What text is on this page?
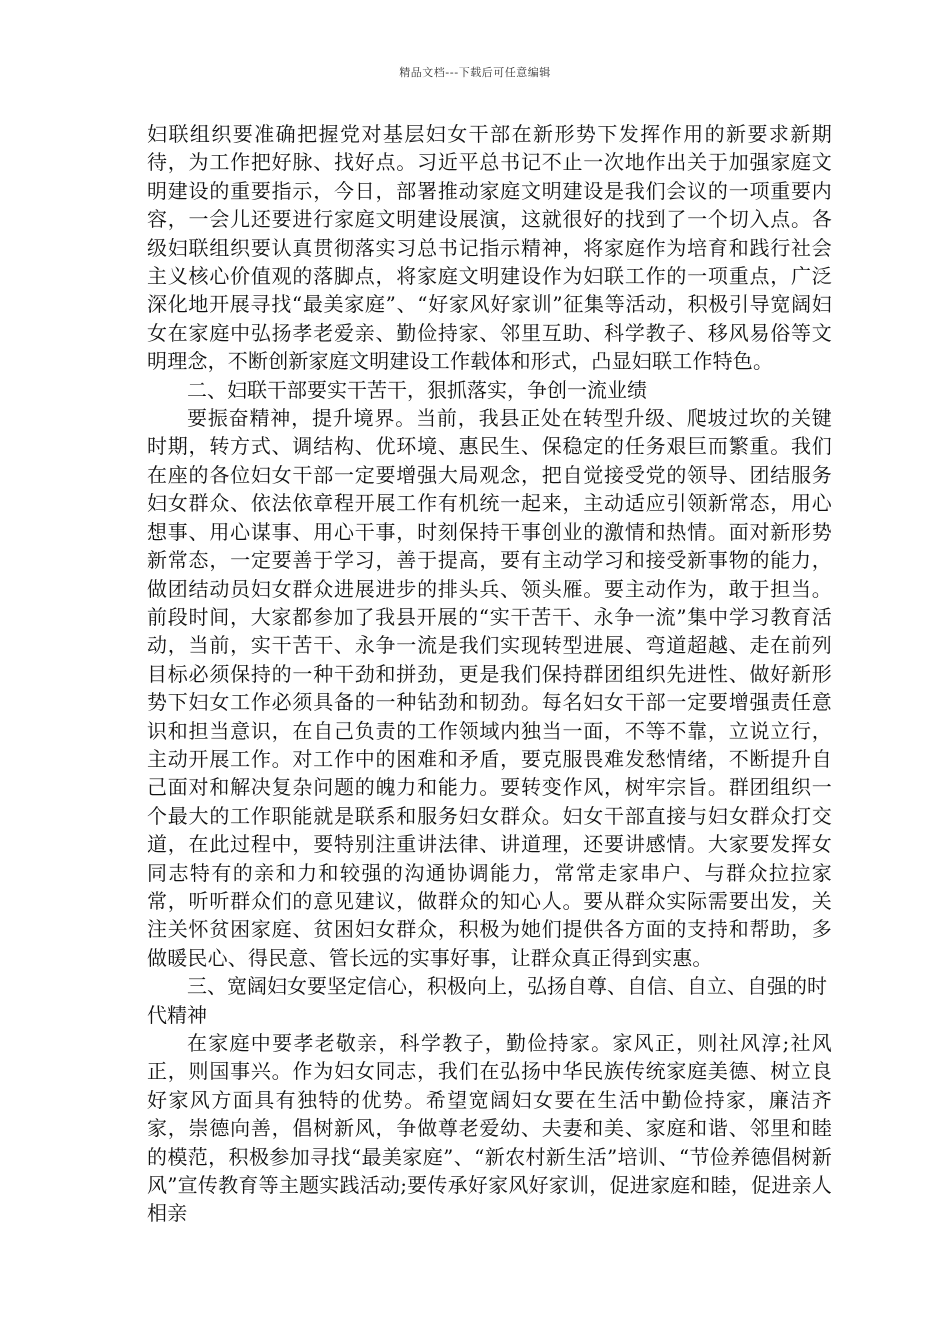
精品文档---下载后可任意编辑

妇联组织要准确把握党对基层妇女干部在新形势下发挥作用的新要求新期待，为工作把好脉、找好点。习近平总书记不止一次地作出关于加强家庭文明建设的重要指示，今日，部署推动家庭文明建设是我们会议的一项重要内容，一会儿还要进行家庭文明建设展演，这就很好的找到了一个切入点。各级妇联组织要认真贯彻落实习总书记指示精神，将家庭作为培育和践行社会主义核心价值观的落脚点，将家庭文明建设作为妇联工作的一项重点，广泛深化地开展寻找“最美家庭”、“好家风好家训”征集等活动，积极引导宽阔妇女在家庭中弘扬孝老爱亲、勤俭持家、邻里互助、科学教子、移风易俗等文明理念，不断创新家庭文明建设工作载体和形式，凸显妇联工作特色。

二、妇联干部要实干苦干，狠抓落实，争创一流业绩

要振奋精神，提升境界。当前，我县正处在转型升级、爬坡过坎的关键时期，转方式、调结构、优环境、惠民生、保稳定的任务艰巨而繁重。我们在座的各位妇女干部一定要增强大局观念，把自觉接受党的领导、团结服务妇女群众、依法依章程开展工作有机统一起来，主动适应引领新常态，用心想事、用心谋事、用心干事，时刻保持干事创业的激情和热情。面对新形势新常态，一定要善于学习，善于提高，要有主动学习和接受新事物的能力，做团结动员妇女群众进展进步的排头兵、领头雁。要主动作为，敢于担当。前段时间，大家都参加了我县开展的“实干苦干、永争一流”集中学习教育活动，当前，实干苦干、永争一流是我们实现转型进展、弯道超越、走在前列目标必须保持的一种干劲和拼劲，更是我们保持群团组织先进性、做好新形势下妇女工作必须具备的一种钻劲和韧劲。每名妇女干部一定要增强责任意识和担当意识，在自己负责的工作领域内独当一面，不等不靠，立说立行，主动开展工作。对工作中的困难和矛盾，要克服畏难发愁情绪，不断提升自己面对和解决复杂问题的魄力和能力。要转变作风，树牢宗旨。群团组织一个最大的工作职能就是联系和服务妇女群众。妇女干部直接与妇女群众打交道，在此过程中，要特别注重讲法律、讲道理，还要讲感情。大家要发挥女同志特有的亲和力和较强的沟通协调能力，常常走家串户、与群众拉拉家常，听听群众们的意见建议，做群众的知心人。要从群众实际需要出发，关注关怀贫困家庭、贫困妇女群众，积极为她们提供各方面的支持和帮助，多做暖民心、得民意、管长远的实事好事，让群众真正得到实惠。

三、宽阔妇女要坚定信心，积极向上，弘扬自尊、自信、自立、自强的时代精神

在家庭中要孝老敬亲，科学教子，勤俭持家。家风正，则社风淳;社风正，则国事兴。作为妇女同志，我们在弘扬中华民族传统家庭美德、树立良好家风方面具有独特的优势。希望宽阔妇女要在生活中勤俭持家，廉洁齐家，崇德向善，倡树新风，争做尊老爱幼、夫妻和美、家庭和谐、邻里和睦的模范，积极参加寻找“最美家庭”、“新农村新生活”培训、“节俭养德倡树新风”宣传教育等主题实践活动;要传承好家风好家训，促进家庭和睦，促进亲人相亲
